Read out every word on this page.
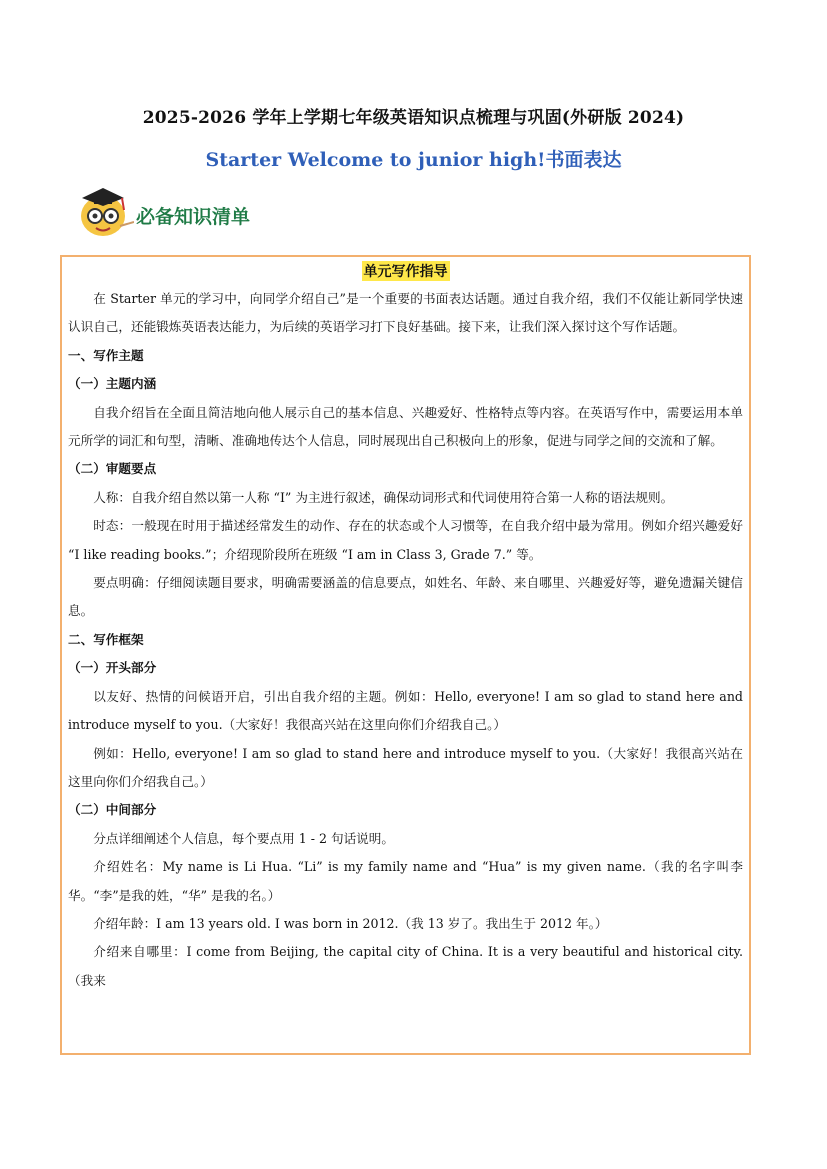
2025-2026 学年上学期七年级英语知识点梳理与巩固(外研版 2024)
Starter Welcome to junior high!书面表达
必备知识清单
单元写作指导

在 Starter 单元的学习中，向同学介绍自己”是一个重要的书面表达话题。通过自我介绍，我们不仅能让新同学快速认识自己，还能锻炼英语表达能力，为后续的英语学习打下良好基础。接下来，让我们深入探讨这个写作话题。

一、写作主题

（一）主题内涵

自我介绍旨在全面且简洁地向他人展示自己的基本信息、兴趣爱好、性格特点等内容。在英语写作中，需要运用本单元所学的词汇和句型，清晰、准确地传达个人信息，同时展现出自己积极向上的形象，促进与同学之间的交流和了解。

（二）审题要点

人称：自我介绍自然以第一人称 “I” 为主进行叙述，确保动词形式和代词使用符合第一人称的语法规则。

时态：一般现在时用于描述经常发生的动作、存在的状态或个人习惯等，在自我介绍中最为常用。例如介绍兴趣爱好 “I like reading books.”；介绍现阶段所在班级 “I am in Class 3, Grade 7.” 等。

要点明确：仔细阅读题目要求，明确需要涵盖的信息要点，如姓名、年龄、来自哪里、兴趣爱好等，避免遗漏关键信息。

二、写作框架

（一）开头部分

以友好、热情的问候语开启，引出自我介绍的主题。例如：Hello, everyone! I am so glad to stand here and introduce myself to you.（大家好！我很高兴站在这里向你们介绍我自己。）

例如：Hello, everyone! I am so glad to stand here and introduce myself to you.（大家好！我很高兴站在这里向你们介绍我自己。）

（二）中间部分

分点详细阐述个人信息，每个要点用 1 - 2 句话说明。

介绍姓名：My name is Li Hua. “Li” is my family name and “Hua” is my given name.（我的名字叫李华。“李”是我的姓，“华” 是我的名。）

介绍年龄：I am 13 years old. I was born in 2012.（我 13 岁了。我出生于 2012 年。）

介绍来自哪里：I come from Beijing, the capital city of China. It is a very beautiful and historical city.（我来
